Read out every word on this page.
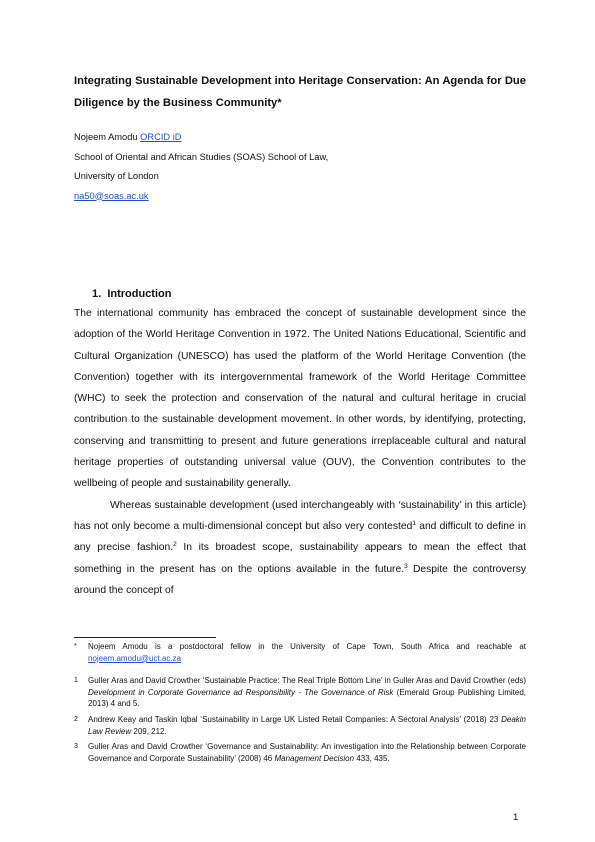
Integrating Sustainable Development into Heritage Conservation: An Agenda for Due Diligence by the Business Community*
Nojeem Amodu ORCID iD
School of Oriental and African Studies (SOAS) School of Law,
University of London
na50@soas.ac.uk
1. Introduction

The international community has embraced the concept of sustainable development since the adoption of the World Heritage Convention in 1972. The United Nations Educational, Scientific and Cultural Organization (UNESCO) has used the platform of the World Heritage Convention (the Convention) together with its intergovernmental framework of the World Heritage Committee (WHC) to seek the protection and conservation of the natural and cultural heritage in crucial contribution to the sustainable development movement. In other words, by identifying, protecting, conserving and transmitting to present and future generations irreplaceable cultural and natural heritage properties of outstanding universal value (OUV), the Convention contributes to the wellbeing of people and sustainability generally.

Whereas sustainable development (used interchangeably with ‘sustainability’ in this article) has not only become a multi-dimensional concept but also very contested$^1$ and difficult to define in any precise fashion.$^2$ In its broadest scope, sustainability appears to mean the effect that something in the present has on the options available in the future.$^3$ Despite the controversy around the concept of

*	Nojeem Amodu is a postdoctoral fellow in the University of Cape Town, South Africa and reachable at nojeem.amodu@uct.ac.za
1	Guller Aras and David Crowther ‘Sustainable Practice: The Real Triple Bottom Line’ in Guller Aras and David Crowther (eds) Development in Corporate Governance ad Responsibility - The Governance of Risk (Emerald Group Publishing Limited, 2013) 4 and 5.
2	Andrew Keay and Taskin Iqbal ‘Sustainability in Large UK Listed Retail Companies: A Sectoral Analysis’ (2018) 23 Deakin Law Review 209, 212.
3	Guller Aras and David Crowther ‘Governance and Sustainability: An investigation into the Relationship between Corporate Governance and Corporate Sustainability’ (2008) 46 Management Decision 433, 435.
1
